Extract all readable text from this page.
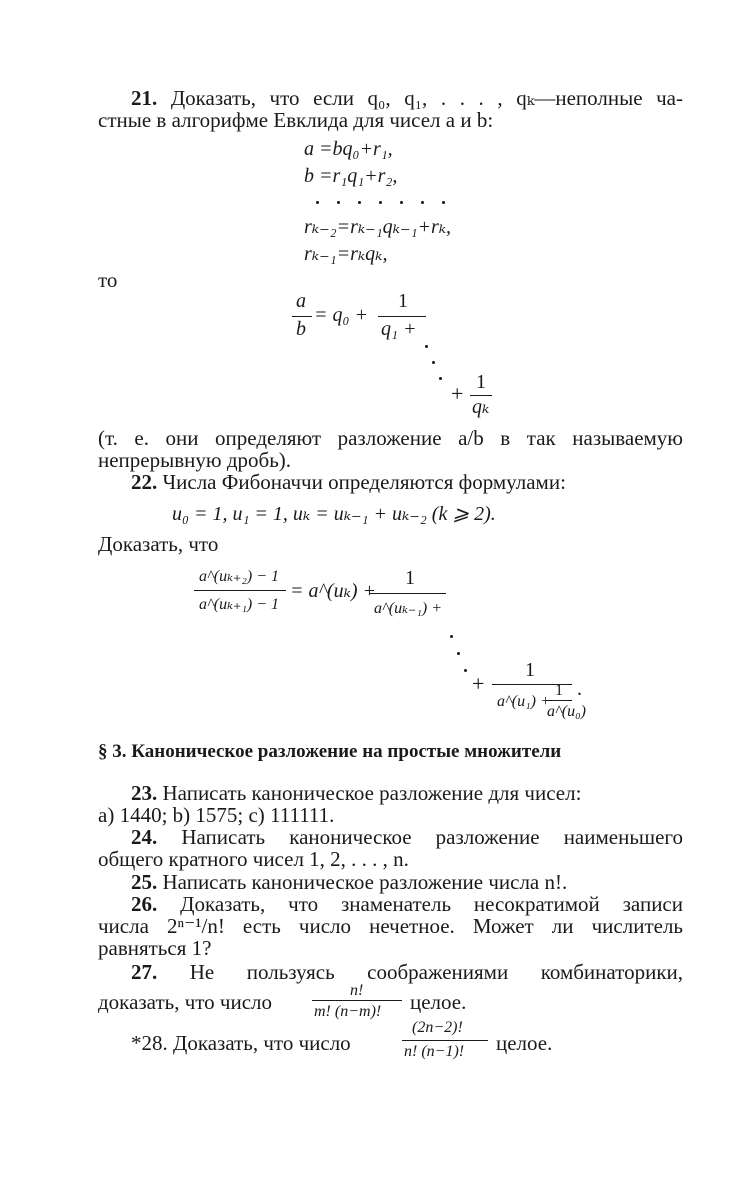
21. Доказать, что если q₀, q₁, . . . , qₖ—неполные ча-
стные в алгорифме Евклида для чисел a и b:
a =bq₀+r₁,
b =r₁q₁+r₂,
rₖ₋₂=rₖ₋₁qₖ₋₁+rₖ,
rₖ₋₁=rₖqₖ,
то
a
b
= q₀ +
1
q₁ +
+ 1
qₖ
(т. е. они определяют разложение a/b в так называемую
непрерывную дробь).
22. Числа Фибоначчи определяются формулами:
u₀ = 1, u₁ = 1, uₖ = uₖ₋₁ + uₖ₋₂ (k ⩾ 2).
Доказать, что
a^(uₖ₊₂) − 1
a^(uₖ₊₁) − 1
= a^(uₖ) +
1
a^(uₖ₋₁) +
+
1
a^(u₁) +
1
a^(u₀)
.
§ 3. Каноническое разложение на простые множители
23. Написать каноническое разложение для чисел:
a) 1440; b) 1575; c) 111111.
24. Написать каноническое разложение наименьшего
общего кратного чисел 1, 2, . . . , n.
25. Написать каноническое разложение числа n!.
26. Доказать, что знаменатель несократимой записи
числа 2ⁿ⁻¹/n! есть число нечетное. Может ли числитель
равняться 1?
27. Не пользуясь соображениями комбинаторики,
доказать, что число	n!
m! (n−m)! целое.
*28. Доказать, что число
(2n−2)!
n! (n−1)! целое.
